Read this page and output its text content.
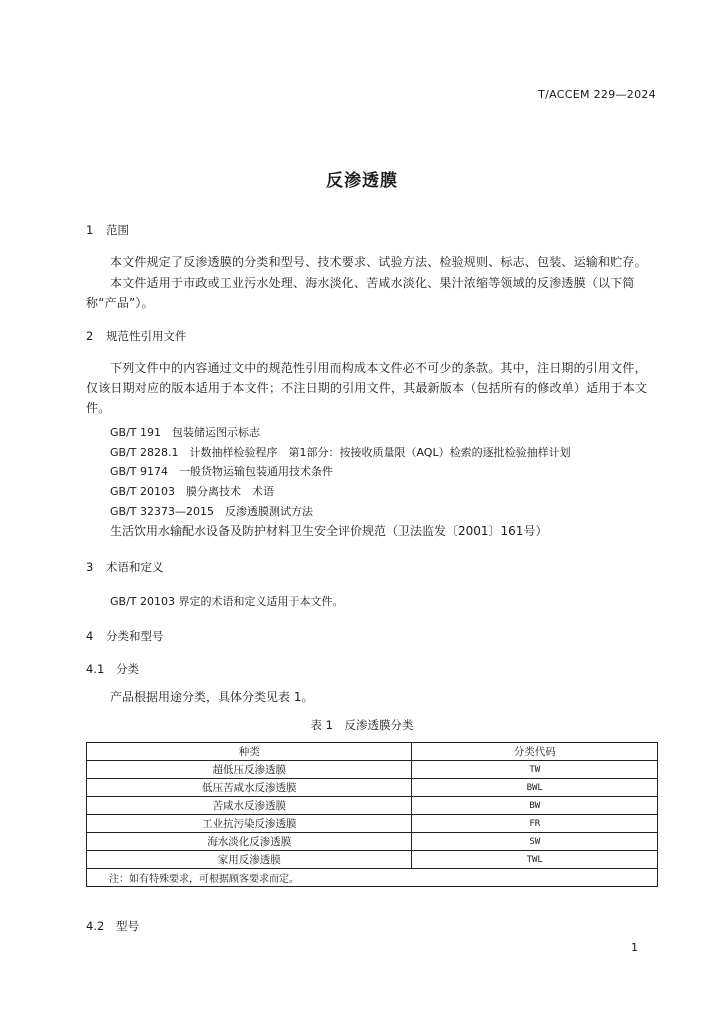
T/ACCEM 229—2024
反渗透膜
1 范围
本文件规定了反渗透膜的分类和型号、技术要求、试验方法、检验规则、标志、包装、运输和贮存。
本文件适用于市政或工业污水处理、海水淡化、苦咸水淡化、果汁浓缩等领域的反渗透膜（以下简称“产品”）。
2 规范性引用文件
下列文件中的内容通过文中的规范性引用而构成本文件必不可少的条款。其中，注日期的引用文件，仅该日期对应的版本适用于本文件；不注日期的引用文件，其最新版本（包括所有的修改单）适用于本文件。
GB/T 191　包装储运图示标志
GB/T 2828.1　计数抽样检验程序　第1部分：按接收质量限（AQL）检索的逐批检验抽样计划
GB/T 9174　一般货物运输包装通用技术条件
GB/T 20103　膜分离技术　术语
GB/T 32373—2015　反渗透膜测试方法
生活饮用水输配水设备及防护材料卫生安全评价规范（卫法监发〔2001〕161号）
3 术语和定义
GB/T 20103 界定的术语和定义适用于本文件。
4 分类和型号
4.1 分类
产品根据用途分类，具体分类见表 1。
表 1　反渗透膜分类
种类	分类代码
超低压反渗透膜	TW
低压苦咸水反渗透膜	BWL
苦咸水反渗透膜	BW
工业抗污染反渗透膜	FR
海水淡化反渗透膜	SW
家用反渗透膜	TWL
注：如有特殊要求，可根据顾客要求而定。	
4.2 型号
1
